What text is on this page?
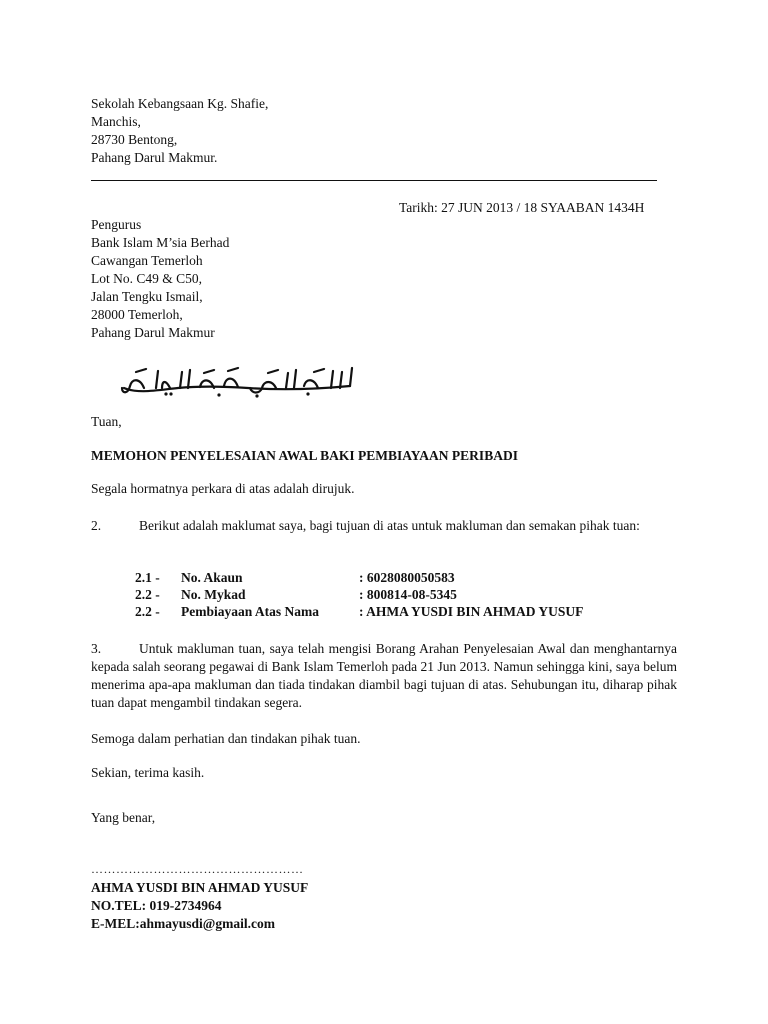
Sekolah Kebangsaan Kg. Shafie,
Manchis,
28730 Bentong,
Pahang Darul Makmur.
Tarikh: 27 JUN 2013 / 18 SYAABAN 1434H
Pengurus
Bank Islam M’sia Berhad
Cawangan Temerloh
Lot No. C49 & C50,
Jalan Tengku Ismail,
28000 Temerloh,
Pahang Darul Makmur
Tuan,
MEMOHON PENYELESAIAN AWAL BAKI PEMBIAYAAN PERIBADI
Segala hormatnya perkara di atas adalah dirujuk.
2.	Berikut adalah maklumat saya, bagi tujuan di atas untuk makluman dan semakan pihak tuan:
2.1 - No. Akaun	: 6028080050583
2.2 - No. Mykad	: 800814-08-5345
2.2 - Pembiayaan Atas Nama	: AHMA YUSDI BIN AHMAD YUSUF
3.	Untuk makluman tuan, saya telah mengisi Borang Arahan Penyelesaian Awal dan menghantarnya kepada salah seorang pegawai di Bank Islam Temerloh pada 21 Jun 2013. Namun sehingga kini, saya belum menerima apa-apa makluman dan tiada tindakan diambil bagi tujuan di atas. Sehubungan itu, diharap pihak tuan dapat mengambil tindakan segera.
Semoga dalam perhatian dan tindakan pihak tuan.
Sekian, terima kasih.
Yang benar,
……………………………………………
AHMA YUSDI BIN AHMAD YUSUF
NO.TEL: 019-2734964
E-MEL:ahmayusdi@gmail.com
